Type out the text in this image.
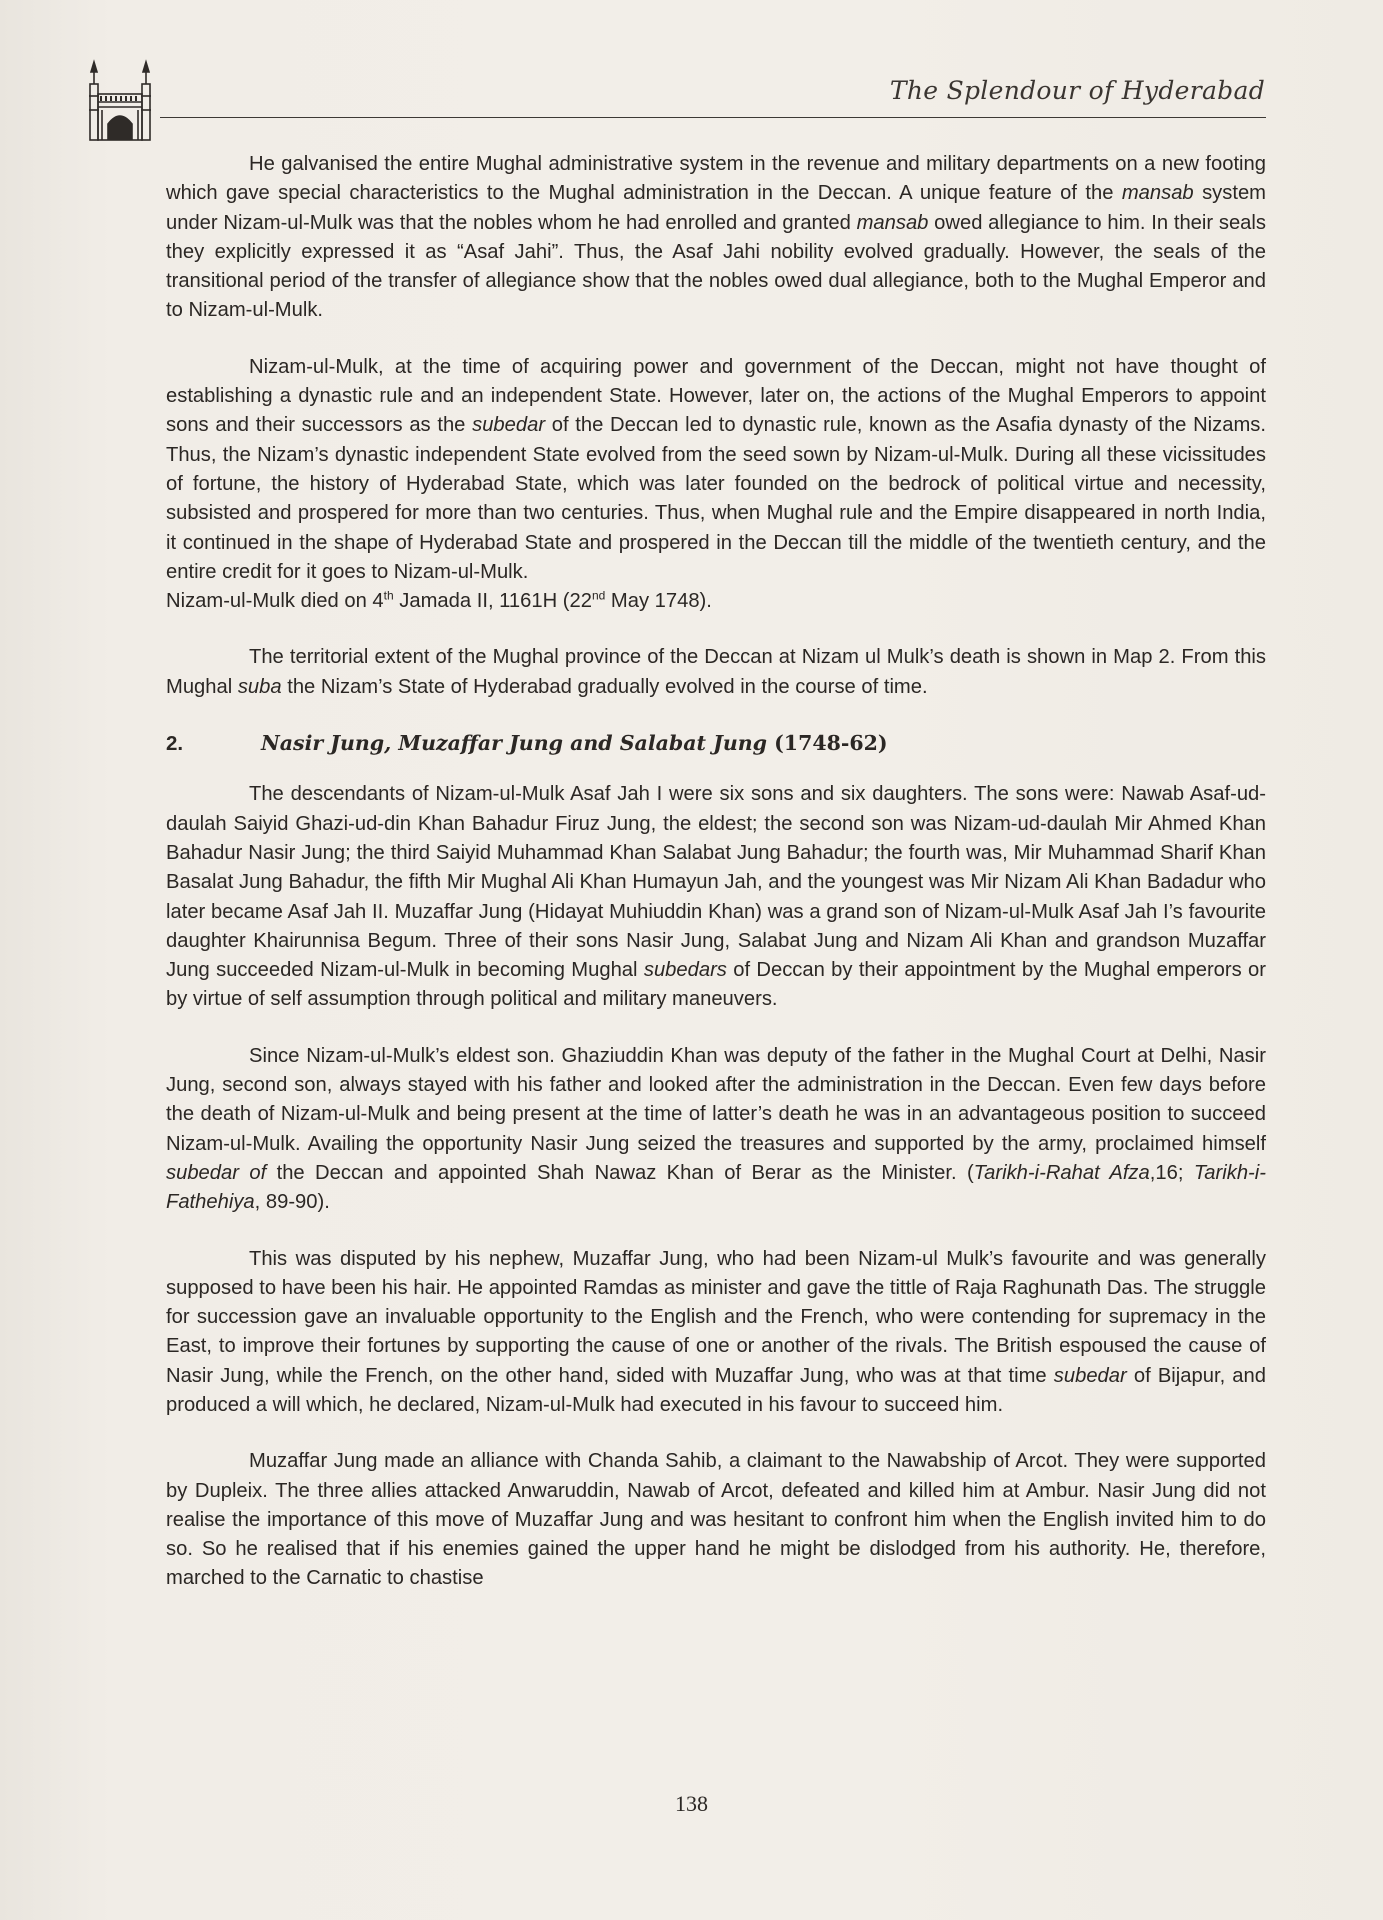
The Splendour of Hyderabad

He galvanised the entire Mughal administrative system in the revenue and military departments on a new footing which gave special characteristics to the Mughal administration in the Deccan. A unique feature of the mansab system under Nizam-ul-Mulk was that the nobles whom he had enrolled and granted mansab owed allegiance to him. In their seals they explicitly expressed it as “Asaf Jahi”. Thus, the Asaf Jahi nobility evolved gradually. However, the seals of the transitional period of the transfer of allegiance show that the nobles owed dual allegiance, both to the Mughal Emperor and to Nizam-ul-Mulk.

Nizam-ul-Mulk, at the time of acquiring power and government of the Deccan, might not have thought of establishing a dynastic rule and an independent State. However, later on, the actions of the Mughal Emperors to appoint sons and their successors as the subedar of the Deccan led to dynastic rule, known as the Asafia dynasty of the Nizams. Thus, the Nizam’s dynastic independent State evolved from the seed sown by Nizam-ul-Mulk. During all these vicissitudes of fortune, the history of Hyderabad State, which was later founded on the bedrock of political virtue and necessity, subsisted and prospered for more than two centuries. Thus, when Mughal rule and the Empire disappeared in north India, it continued in the shape of Hyderabad State and prospered in the Deccan till the middle of the twentieth century, and the entire credit for it goes to Nizam-ul-Mulk.

Nizam-ul-Mulk died on 4th Jamada II, 1161H (22nd May 1748).

The territorial extent of the Mughal province of the Deccan at Nizam ul Mulk’s death is shown in Map 2. From this Mughal suba the Nizam’s State of Hyderabad gradually evolved in the course of time.

2.	Nasir Jung, Muzaffar Jung and Salabat Jung (1748-62)

The descendants of Nizam-ul-Mulk Asaf Jah I were six sons and six daughters. The sons were: Nawab Asaf-ud-daulah Saiyid Ghazi-ud-din Khan Bahadur Firuz Jung, the eldest; the second son was Nizam-ud-daulah Mir Ahmed Khan Bahadur Nasir Jung; the third Saiyid Muhammad Khan Salabat Jung Bahadur; the fourth was, Mir Muhammad Sharif Khan Basalat Jung Bahadur, the fifth Mir Mughal Ali Khan Humayun Jah, and the youngest was Mir Nizam Ali Khan Badadur who later became Asaf Jah II. Muzaffar Jung (Hidayat Muhiuddin Khan) was a grand son of Nizam-ul-Mulk Asaf Jah I’s favourite daughter Khairunnisa Begum. Three of their sons Nasir Jung, Salabat Jung and Nizam Ali Khan and grandson Muzaffar Jung succeeded Nizam-ul-Mulk in becoming Mughal subedars of Deccan by their appointment by the Mughal emperors or by virtue of self assumption through political and military maneuvers.

Since Nizam-ul-Mulk’s eldest son. Ghaziuddin Khan was deputy of the father in the Mughal Court at Delhi, Nasir Jung, second son, always stayed with his father and looked after the administration in the Deccan. Even few days before the death of Nizam-ul-Mulk and being present at the time of latter’s death he was in an advantageous position to succeed Nizam-ul-Mulk. Availing the opportunity Nasir Jung seized the treasures and supported by the army, proclaimed himself subedar of the Deccan and appointed Shah Nawaz Khan of Berar as the Minister. (Tarikh-i-Rahat Afza,16; Tarikh-i-Fathehiya, 89-90).

This was disputed by his nephew, Muzaffar Jung, who had been Nizam-ul Mulk’s favourite and was generally supposed to have been his hair. He appointed Ramdas as minister and gave the tittle of Raja Raghunath Das. The struggle for succession gave an invaluable opportunity to the English and the French, who were contending for supremacy in the East, to improve their fortunes by supporting the cause of one or another of the rivals. The British espoused the cause of Nasir Jung, while the French, on the other hand, sided with Muzaffar Jung, who was at that time subedar of Bijapur, and produced a will which, he declared, Nizam-ul-Mulk had executed in his favour to succeed him.

Muzaffar Jung made an alliance with Chanda Sahib, a claimant to the Nawabship of Arcot. They were supported by Dupleix. The three allies attacked Anwaruddin, Nawab of Arcot, defeated and killed him at Ambur. Nasir Jung did not realise the importance of this move of Muzaffar Jung and was hesitant to confront him when the English invited him to do so. So he realised that if his enemies gained the upper hand he might be dislodged from his authority. He, therefore, marched to the Carnatic to chastise

138
